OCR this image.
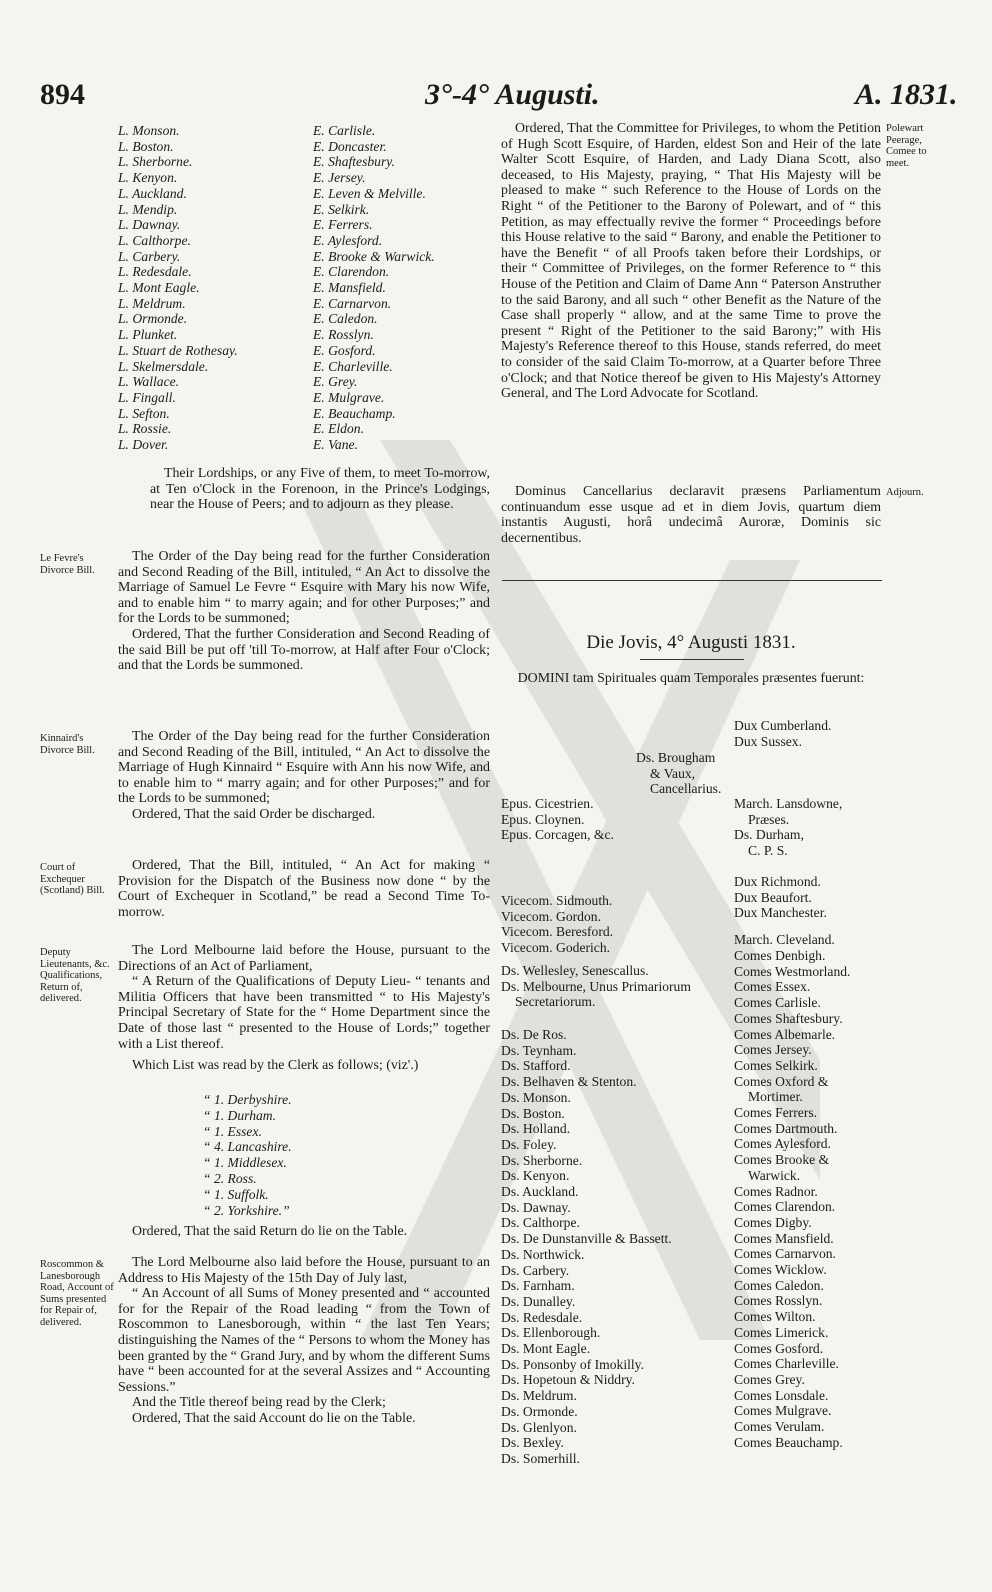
894	3°-4° Augusti.	A. 1831.
L. Monson.
L. Boston.
L. Sherborne.
L. Kenyon.
L. Auckland.
L. Mendip.
L. Dawnay.
L. Calthorpe.
L. Carbery.
L. Redesdale.
L. Mont Eagle.
L. Meldrum.
L. Ormonde.
L. Plunket.
L. Stuart de Rothesay.
L. Skelmersdale.
L. Wallace.
L. Fingall.
L. Sefton.
L. Rossie.
L. Dover.
E. Carlisle.
E. Doncaster.
E. Shaftesbury.
E. Jersey.
E. Leven & Melville.
E. Selkirk.
E. Ferrers.
E. Aylesford.
E. Brooke & Warwick.
E. Clarendon.
E. Mansfield.
E. Carnarvon.
E. Caledon.
E. Rosslyn.
E. Gosford.
E. Charleville.
E. Grey.
E. Mulgrave.
E. Beauchamp.
E. Eldon.
E. Vane.

Their Lordships, or any Five of them, to meet To-morrow, at Ten o'Clock in the Forenoon, in the Prince's Lodgings, near the House of Peers; and to adjourn as they please.

Le Fevre's Divorce Bill.

The Order of the Day being read for the further Consideration and Second Reading of the Bill, intituled, “ An Act to dissolve the Marriage of Samuel Le Fevre “ Esquire with Mary his now Wife, and to enable him “ to marry again; and for other Purposes;” and for the Lords to be summoned;

Ordered, That the further Consideration and Second Reading of the said Bill be put off 'till To-morrow, at Half after Four o'Clock; and that the Lords be summoned.

Kinnaird's Divorce Bill.

The Order of the Day being read for the further Consideration and Second Reading of the Bill, intituled, “ An Act to dissolve the Marriage of Hugh Kinnaird “ Esquire with Ann his now Wife, and to enable him to “ marry again; and for other Purposes;” and for the Lords to be summoned;

Ordered, That the said Order be discharged.

Court of Exchequer (Scotland) Bill.

Ordered, That the Bill, intituled, “ An Act for making “ Provision for the Dispatch of the Business now done “ by the Court of Exchequer in Scotland,” be read a Second Time To-morrow.

Deputy Lieutenants, &c. Qualifications, Return of, delivered.

The Lord Melbourne laid before the House, pursuant to the Directions of an Act of Parliament,

“ A Return of the Qualifications of Deputy Lieu- “ tenants and Militia Officers that have been transmitted “ to His Majesty's Principal Secretary of State for the “ Home Department since the Date of those last “ presented to the House of Lords;” together with a List thereof.

Which List was read by the Clerk as follows; (viz'.)

“ 1. Derbyshire.
“ 1. Durham.
“ 1. Essex.
“ 4. Lancashire.
“ 1. Middlesex.
“ 2. Ross.
“ 1. Suffolk.
“ 2. Yorkshire.”

Ordered, That the said Return do lie on the Table.

Roscommon & Lanesborough Road, Account of Sums presented for Repair of, delivered.

The Lord Melbourne also laid before the House, pursuant to an Address to His Majesty of the 15th Day of July last,

“ An Account of all Sums of Money presented and “ accounted for for the Repair of the Road leading “ from the Town of Roscommon to Lanesborough, within “ the last Ten Years; distinguishing the Names of the “ Persons to whom the Money has been granted by the “ Grand Jury, and by whom the different Sums have “ been accounted for at the several Assizes and “ Accounting Sessions.”

And the Title thereof being read by the Clerk;

Ordered, That the said Account do lie on the Table.

Ordered, That the Committee for Privileges, to whom the Petition of Hugh Scott Esquire, of Harden, eldest Son and Heir of the late Walter Scott Esquire, of Harden, and Lady Diana Scott, also deceased, to His Majesty, praying, “ That His Majesty will be pleased to make “ such Reference to the House of Lords on the Right “ of the Petitioner to the Barony of Polewart, and of “ this Petition, as may effectually revive the former “ Proceedings before this House relative to the said “ Barony, and enable the Petitioner to have the Benefit “ of all Proofs taken before their Lordships, or their “ Committee of Privileges, on the former Reference to “ this House of the Petition and Claim of Dame Ann “ Paterson Anstruther to the said Barony, and all such “ other Benefit as the Nature of the Case shall properly “ allow, and at the same Time to prove the present “ Right of the Petitioner to the said Barony;” with His Majesty's Reference thereof to this House, stands referred, do meet to consider of the said Claim To-morrow, at a Quarter before Three o'Clock; and that Notice thereof be given to His Majesty's Attorney General, and The Lord Advocate for Scotland.

Polewart Peerage, Comee to meet.

Dominus Cancellarius declaravit præsens Parliamentum continuandum esse usque ad et in diem Jovis, quartum diem instantis Augusti, horâ undecimâ Auroræ, Dominis sic decernentibus.

Adjourn.
Die Jovis, 4° Augusti 1831.

DOMINI tam Spirituales quam Temporales præsentes fuerunt:

Ds. Brougham
& Vaux,
Cancellarius.
Dux Cumberland.
Dux Sussex.
March. Lansdowne,
Præses.
Ds. Durham,
C. P. S.
Epus. Cicestrien.
Epus. Cloynen.
Epus. Corcagen, &c.
Dux Richmond.
Dux Beaufort.
Dux Manchester.
March. Cleveland.
Vicecom. Sidmouth.
Vicecom. Gordon.
Vicecom. Beresford.
Vicecom. Goderich.
Ds. Wellesley, Senescallus.
Ds. Melbourne, Unus Primariorum
Secretariorum.
Ds. De Ros.
Ds. Teynham.
Ds. Stafford.
Ds. Belhaven & Stenton.
Ds. Monson.
Ds. Boston.
Ds. Holland.
Ds. Foley.
Ds. Sherborne.
Ds. Kenyon.
Ds. Auckland.
Ds. Dawnay.
Ds. Calthorpe.
Ds. De Dunstanville & Bassett.
Ds. Northwick.
Ds. Carbery.
Ds. Farnham.
Ds. Dunalley.
Ds. Redesdale.
Ds. Ellenborough.
Ds. Mont Eagle.
Ds. Ponsonby of Imokilly.
Ds. Hopetoun & Niddry.
Ds. Meldrum.
Ds. Ormonde.
Ds. Glenlyon.
Ds. Bexley.
Ds. Somerhill.
Comes Denbigh.
Comes Westmorland.
Comes Essex.
Comes Carlisle.
Comes Shaftesbury.
Comes Albemarle.
Comes Jersey.
Comes Selkirk.
Comes Oxford &
Mortimer.
Comes Ferrers.
Comes Dartmouth.
Comes Aylesford.
Comes Brooke &
Warwick.
Comes Radnor.
Comes Clarendon.
Comes Digby.
Comes Mansfield.
Comes Carnarvon.
Comes Wicklow.
Comes Caledon.
Comes Rosslyn.
Comes Wilton.
Comes Limerick.
Comes Gosford.
Comes Charleville.
Comes Grey.
Comes Lonsdale.
Comes Mulgrave.
Comes Verulam.
Comes Beauchamp.
